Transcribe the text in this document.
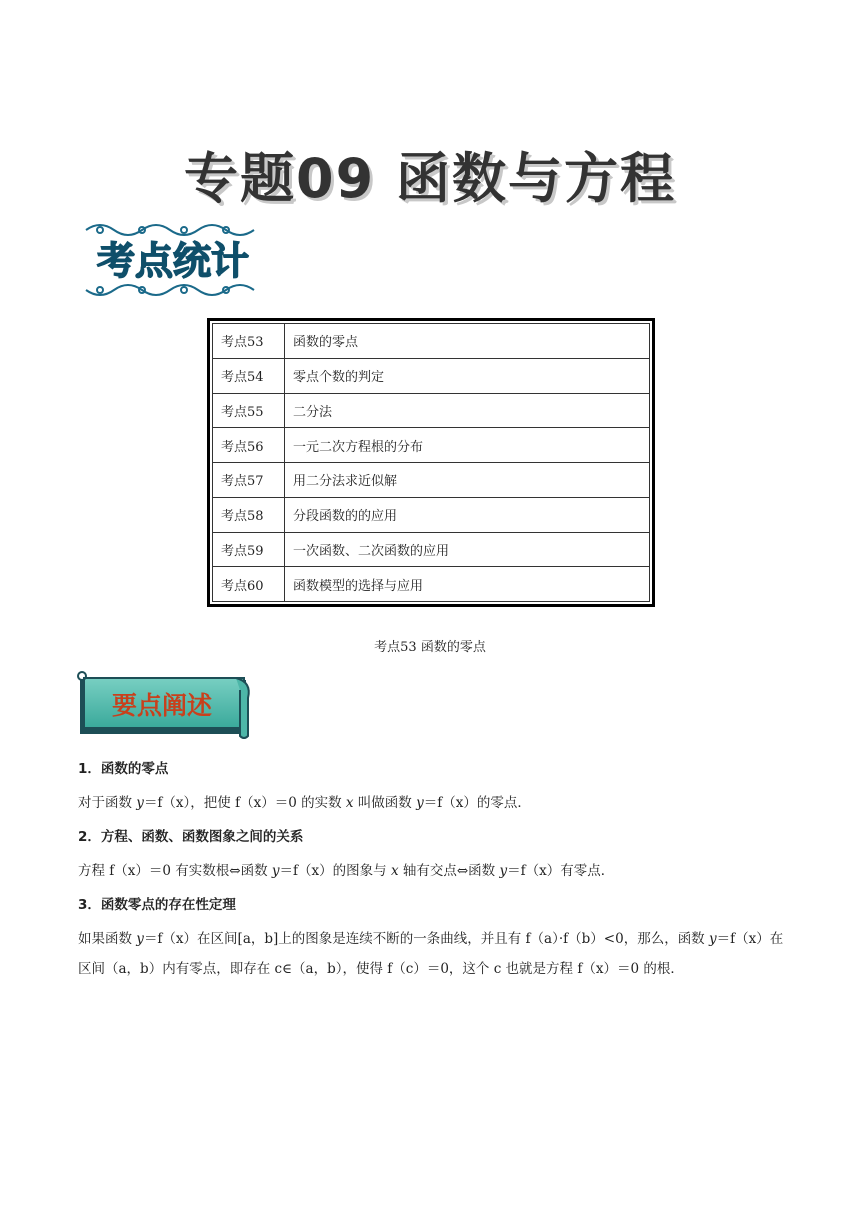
专题09 函数与方程
考点统计
考点53	函数的零点
考点54	零点个数的判定
考点55	二分法
考点56	一元二次方程根的分布
考点57	用二分法求近似解
考点58	分段函数的的应用
考点59	一次函数、二次函数的应用
考点60	函数模型的选择与应用
考点53 函数的零点
要点阐述
1．函数的零点
对于函数 y＝f（x），把使 f（x）＝0 的实数 x 叫做函数 y＝f（x）的零点．
2．方程、函数、函数图象之间的关系
方程 f（x）＝0 有实数根⇔函数 y＝f（x）的图象与 x 轴有交点⇔函数 y＝f（x）有零点．
3．函数零点的存在性定理
如果函数 y＝f（x）在区间[a，b]上的图象是连续不断的一条曲线，并且有 f（a）·f（b）<0，那么，函数 y＝f（x）在区间（a，b）内有零点，即存在 c∈（a，b），使得 f（c）＝0，这个 c 也就是方程 f（x）＝0 的根．
